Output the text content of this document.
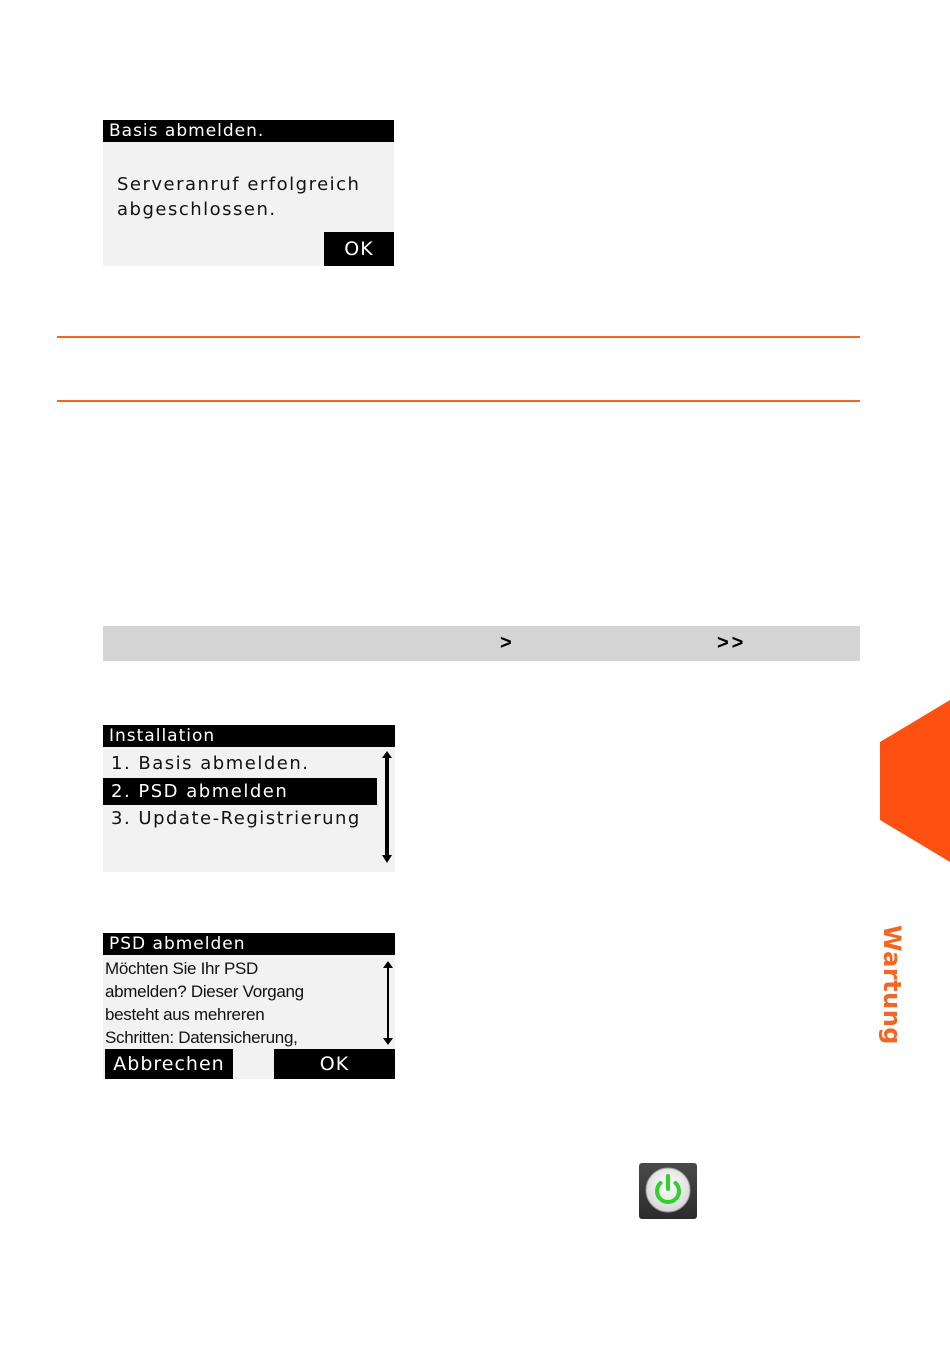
Basis abmelden.
Serveranruf erfolgreich
abgeschlossen.
OK
>	>>
Installation
1. Basis abmelden.
2. PSD abmelden
3. Update-Registrierung
PSD abmelden
Möchten Sie Ihr PSD
abmelden? Dieser Vorgang
besteht aus mehreren
Schritten: Datensicherung,
Abbrechen	OK
Wartung
